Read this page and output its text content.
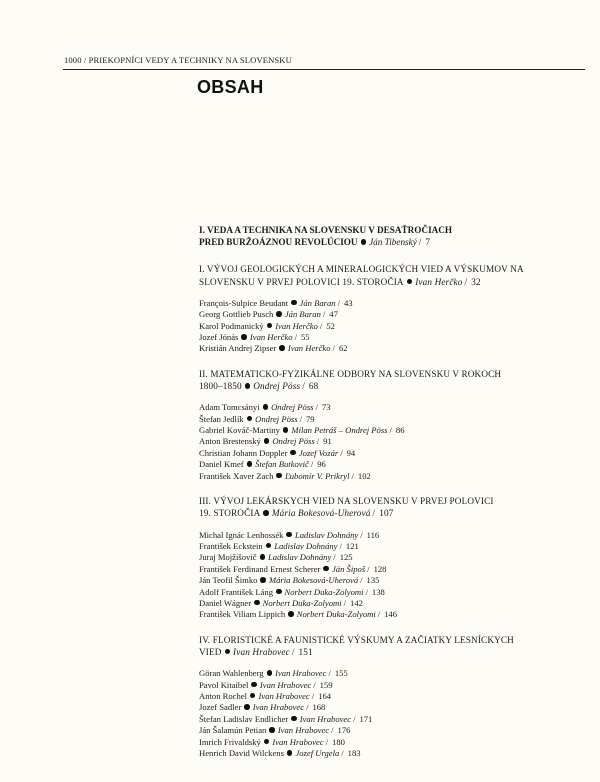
1000 / PRIEKOPNÍCI VEDY A TECHNIKY NA SLOVENSKU
OBSAH
I. VEDA A TECHNIKA NA SLOVENSKU V DESAŤROČIACH
PRED BURŽOÁZNOU REVOLÚCIOU Ján Tibenský / 7
I. VÝVOJ GEOLOGICKÝCH A MINERALOGICKÝCH VIED A VÝSKUMOV NA
SLOVENSKU V PRVEJ POLOVICI 19. STOROČIA Ivan Herčko / 32
François-Sulpice Beudant Ján Baran / 43
Georg Gottlieb Pusch Ján Baran / 47
Karol Podmanický Ivan Herčko / 52
Jozef Jónás Ivan Herčko / 55
Kristián Andrej Zipser Ivan Herčko / 62
II. MATEMATICKO-FYZIKÁLNE ODBORY NA SLOVENSKU V ROKOCH
1800–1850 Ondrej Pöss / 68
Adam Tomcsányi Ondrej Pöss / 73
Štefan Jedlík Ondrej Pöss / 79
Gabriel Kováč-Martiny Milan Petráš – Ondrej Pöss / 86
Anton Brestenský Ondrej Pöss / 91
Christian Johann Doppler Jozef Vozár / 94
Daniel Kmef Štefan Butkovič / 96
František Xaver Zach Ľubomír V. Prikryl / 102
III. VÝVOJ LEKÁRSKYCH VIED NA SLOVENSKU V PRVEJ POLOVICI
19. STOROČIA Mária Bokesová-Uherová / 107
Michal Ignác Lenhossék Ladislav Dohnány / 116
František Eckstein Ladislav Dohnány / 121
Juraj Mojžišovič Ladislav Dohnány / 125
František Ferdinand Ernest Scherer Ján Šipoš / 128
Ján Teofil Šimko Mária Bokesová-Uherová / 135
Adolf František Láng Norbert Duka-Zolyomi / 138
Daniel Wágner Norbert Duka-Zolyomi / 142
František Viliam Lippich Norbert Duka-Zolyomi / 146
IV. FLORISTICKÉ A FAUNISTICKÉ VÝSKUMY A ZAČIATKY LESNÍCKYCH
VIED Ivan Hrabovec / 151
Göran Wahlenberg Ivan Hrabovec / 155
Pavol Kitaibel Ivan Hrabovec / 159
Anton Rochel Ivan Hrabovec / 164
Jozef Sadler Ivan Hrabovec / 168
Štefan Ladislav Endlicher Ivan Hrabovec / 171
Ján Šalamún Petian Ivan Hrabovec / 176
Imrich Frivaldský Ivan Hrabovec / 180
Henrich David Wilckens Jozef Urgela / 183
